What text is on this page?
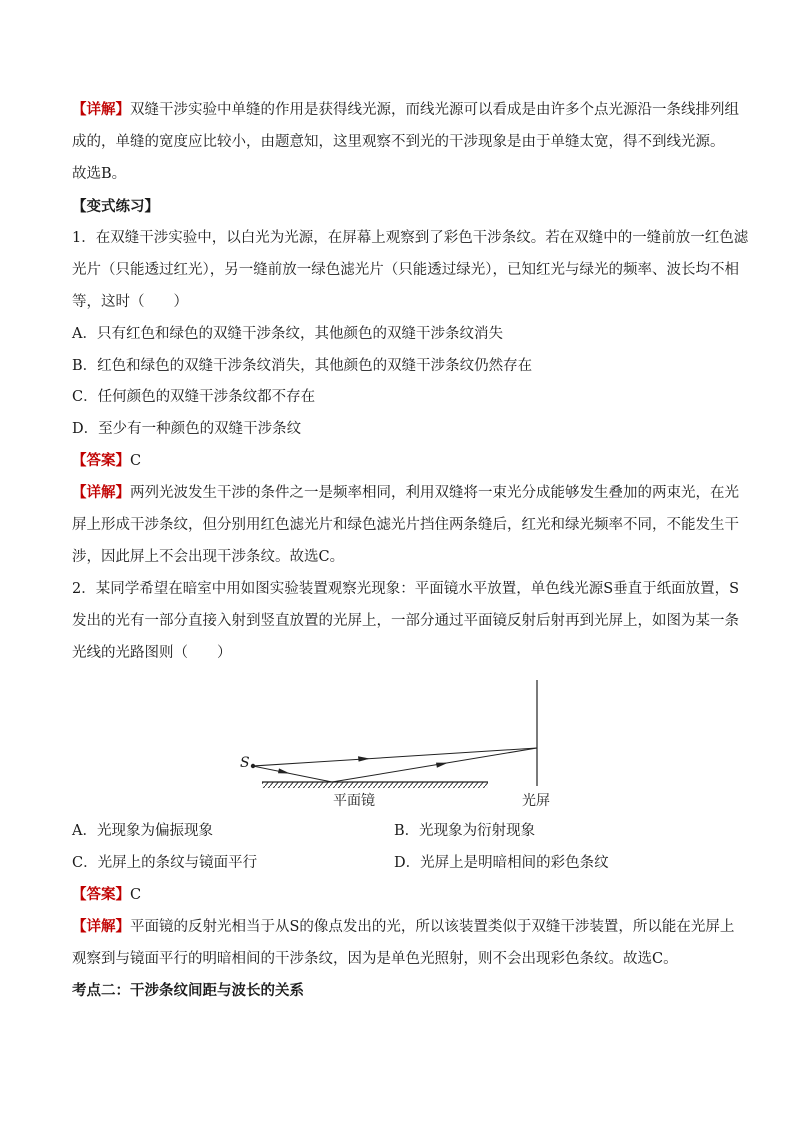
【详解】双缝干涉实验中单缝的作用是获得线光源，而线光源可以看成是由许多个点光源沿一条线排列组
成的，单缝的宽度应比较小，由题意知，这里观察不到光的干涉现象是由于单缝太宽，得不到线光源。
故选B。
【变式练习】
1．在双缝干涉实验中，以白光为光源，在屏幕上观察到了彩色干涉条纹。若在双缝中的一缝前放一红色滤
光片（只能透过红光），另一缝前放一绿色滤光片（只能透过绿光），已知红光与绿光的频率、波长均不相
等，这时（　　）
A．只有红色和绿色的双缝干涉条纹，其他颜色的双缝干涉条纹消失
B．红色和绿色的双缝干涉条纹消失，其他颜色的双缝干涉条纹仍然存在
C．任何颜色的双缝干涉条纹都不存在
D．至少有一种颜色的双缝干涉条纹
【答案】C
【详解】两列光波发生干涉的条件之一是频率相同，利用双缝将一束光分成能够发生叠加的两束光，在光
屏上形成干涉条纹，但分别用红色滤光片和绿色滤光片挡住两条缝后，红光和绿光频率不同，不能发生干
涉，因此屏上不会出现干涉条纹。故选C。
2．某同学希望在暗室中用如图实验装置观察光现象：平面镜水平放置，单色线光源S垂直于纸面放置，S
发出的光有一部分直接入射到竖直放置的光屏上，一部分通过平面镜反射后射再到光屏上，如图为某一条
光线的光路图则（　　）
S
平面镜	光屏
A．光现象为偏振现象	B．光现象为衍射现象
C．光屏上的条纹与镜面平行	D．光屏上是明暗相间的彩色条纹
【答案】C
【详解】平面镜的反射光相当于从S的像点发出的光，所以该装置类似于双缝干涉装置，所以能在光屏上
观察到与镜面平行的明暗相间的干涉条纹，因为是单色光照射，则不会出现彩色条纹。故选C。
考点二：干涉条纹间距与波长的关系
